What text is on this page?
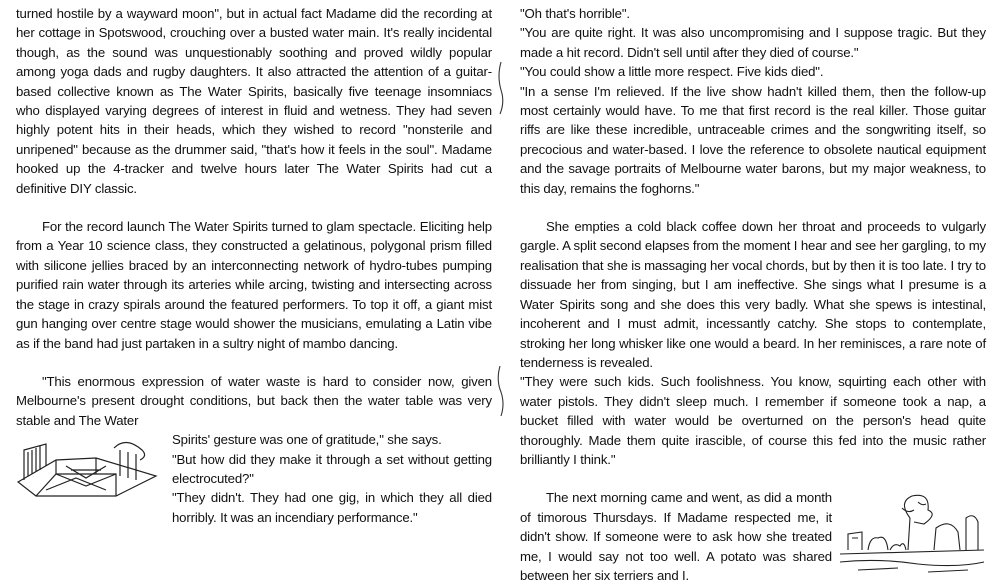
turned hostile by a wayward moon", but in actual fact Madame did the recording at her cottage in Spotswood, crouching over a busted water main. It's really incidental though, as the sound was unquestionably soothing and proved wildly popular among yoga dads and rugby daughters. It also attracted the attention of a guitar-based collective known as The Water Spirits, basically five teenage insomniacs who displayed varying degrees of interest in fluid and wetness. They had seven highly potent hits in their heads, which they wished to record "nonsterile and unripened" because as the drummer said, "that's how it feels in the soul". Madame hooked up the 4-tracker and twelve hours later The Water Spirits had cut a definitive DIY classic.

For the record launch The Water Spirits turned to glam spectacle. Eliciting help from a Year 10 science class, they constructed a gelatinous, polygonal prism filled with silicone jellies braced by an interconnecting network of hydro-tubes pumping purified rain water through its arteries while arcing, twisting and intersecting across the stage in crazy spirals around the featured performers. To top it off, a giant mist gun hanging over centre stage would shower the musicians, emulating a Latin vibe as if the band had just partaken in a sultry night of mambo dancing.

"This enormous expression of water waste is hard to consider now, given Melbourne's present drought conditions, but back then the water table was very stable and The Water

Spirits' gesture was one of gratitude," she says.

"But how did they make it through a set without getting electrocuted?"

"They didn't. They had one gig, in which they all died horribly. It was an incendiary performance."

"Oh that's horrible".

"You are quite right. It was also uncompromising and I suppose tragic. But they made a hit record. Didn't sell until after they died of course."

"You could show a little more respect. Five kids died".

"In a sense I'm relieved. If the live show hadn't killed them, then the follow-up most certainly would have. To me that first record is the real killer. Those guitar riffs are like these incredible, untraceable crimes and the songwriting itself, so precocious and water-based. I love the reference to obsolete nautical equipment and the savage portraits of Melbourne water barons, but my major weakness, to this day, remains the foghorns."

She empties a cold black coffee down her throat and proceeds to vulgarly gargle. A split second elapses from the moment I hear and see her gargling, to my realisation that she is massaging her vocal chords, but by then it is too late. I try to dissuade her from singing, but I am ineffective. She sings what I presume is a Water Spirits song and she does this very badly. What she spews is intestinal, incoherent and I must admit, incessantly catchy. She stops to contemplate, stroking her long whisker like one would a beard. In her reminisces, a rare note of tenderness is revealed.

"They were such kids. Such foolishness. You know, squirting each other with water pistols. They didn't sleep much. I remember if someone took a nap, a bucket filled with water would be overturned on the person's head quite thoroughly. Made them quite irascible, of course this fed into the music rather brilliantly I think."

The next morning came and went, as did a month of timorous Thursdays. If Madame respected me, it didn't show. If someone were to ask how she treated me, I would say not too well. A potato was shared between her six terriers and I.
